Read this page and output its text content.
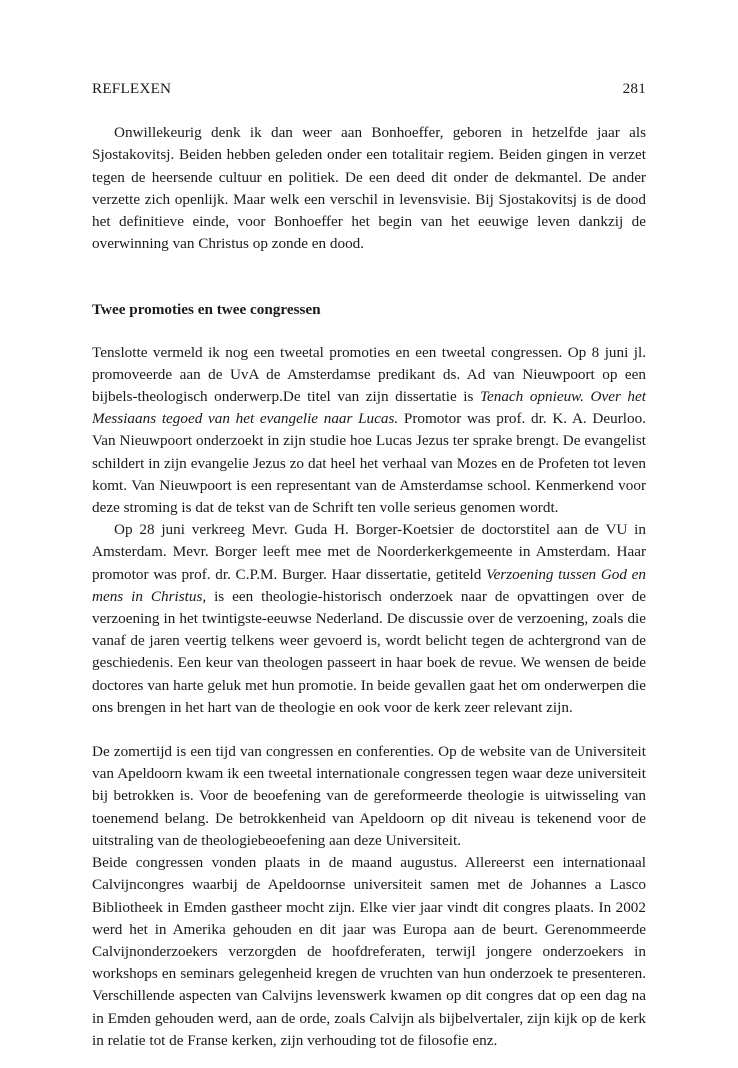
REFLEXEN	281

Onwillekeurig denk ik dan weer aan Bonhoeffer, geboren in hetzelfde jaar als Sjostakovitsj. Beiden hebben geleden onder een totalitair regiem. Beiden gingen in verzet tegen de heersende cultuur en politiek. De een deed dit onder de dekmantel. De ander verzette zich openlijk. Maar welk een verschil in levensvisie. Bij Sjostakovitsj is de dood het definitieve einde, voor Bonhoeffer het begin van het eeuwige leven dankzij de overwinning van Christus op zonde en dood.

Twee promoties en twee congressen

Tenslotte vermeld ik nog een tweetal promoties en een tweetal congressen. Op 8 juni jl. promoveerde aan de UvA de Amsterdamse predikant ds. Ad van Nieuwpoort op een bijbels-theologisch onderwerp.De titel van zijn dissertatie is Tenach opnieuw. Over het Messiaans tegoed van het evangelie naar Lucas. Promotor was prof. dr. K. A. Deurloo. Van Nieuwpoort onderzoekt in zijn studie hoe Lucas Jezus ter sprake brengt. De evangelist schildert in zijn evangelie Jezus zo dat heel het verhaal van Mozes en de Profeten tot leven komt. Van Nieuwpoort is een representant van de Amsterdamse school. Kenmerkend voor deze stroming is dat de tekst van de Schrift ten volle serieus genomen wordt.

Op 28 juni verkreeg Mevr. Guda H. Borger-Koetsier de doctorstitel aan de VU in Amsterdam. Mevr. Borger leeft mee met de Noorderkerkgemeente in Amsterdam. Haar promotor was prof. dr. C.P.M. Burger. Haar dissertatie, getiteld Verzoening tussen God en mens in Christus, is een theologie-historisch onderzoek naar de opvattingen over de verzoening in het twintigste-eeuwse Nederland. De discussie over de verzoening, zoals die vanaf de jaren veertig telkens weer gevoerd is, wordt belicht tegen de achtergrond van de geschiedenis. Een keur van theologen passeert in haar boek de revue. We wensen de beide doctores van harte geluk met hun promotie. In beide gevallen gaat het om onderwerpen die ons brengen in het hart van de theologie en ook voor de kerk zeer relevant zijn.

De zomertijd is een tijd van congressen en conferenties. Op de website van de Universiteit van Apeldoorn kwam ik een tweetal internationale congressen tegen waar deze universiteit bij betrokken is. Voor de beoefening van de gereformeerde theologie is uitwisseling van toenemend belang. De betrokkenheid van Apeldoorn op dit niveau is tekenend voor de uitstraling van de theologiebeoefening aan deze Universiteit.

Beide congressen vonden plaats in de maand augustus. Allereerst een internationaal Calvijncongres waarbij de Apeldoornse universiteit samen met de Johannes a Lasco Bibliotheek in Emden gastheer mocht zijn. Elke vier jaar vindt dit congres plaats. In 2002 werd het in Amerika gehouden en dit jaar was Europa aan de beurt. Gerenommeerde Calvijnonderzoekers verzorgden de hoofdreferaten, terwijl jongere onderzoekers in workshops en seminars gelegenheid kregen de vruchten van hun onderzoek te presenteren. Verschillende aspecten van Calvijns levenswerk kwamen op dit congres dat op een dag na in Emden gehouden werd, aan de orde, zoals Calvijn als bijbelvertaler, zijn kijk op de kerk in relatie tot de Franse kerken, zijn verhouding tot de filosofie enz.
